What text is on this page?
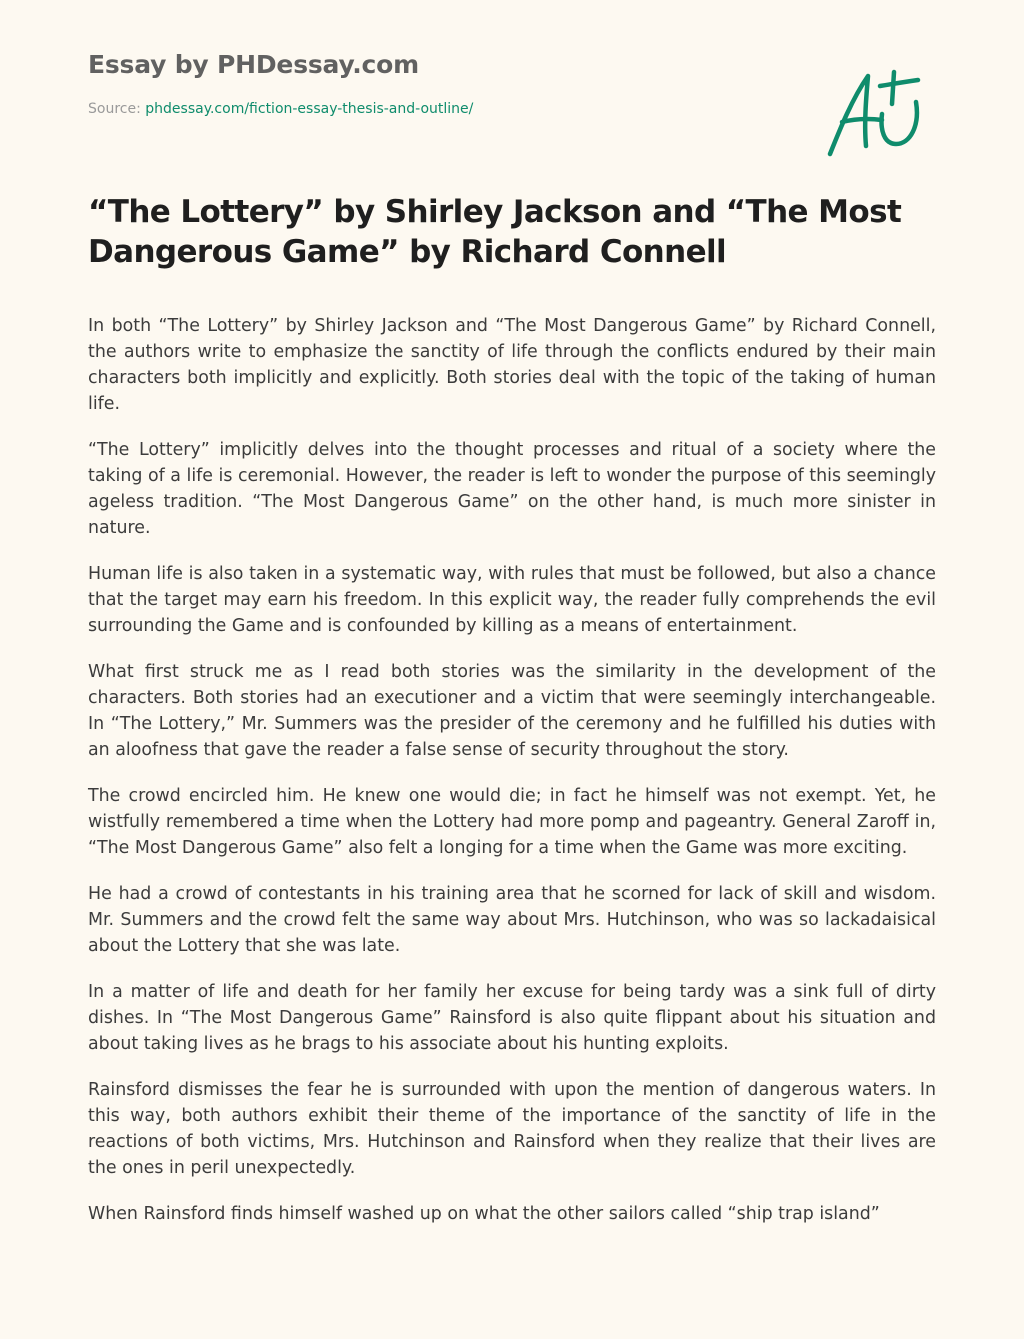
Essay by PHDessay.com

Source: phdessay.com/fiction-essay-thesis-and-outline/

“The Lottery” by Shirley Jackson and “The Most Dangerous Game” by Richard Connell

In both “The Lottery” by Shirley Jackson and “The Most Dangerous Game” by Richard Connell, the authors write to emphasize the sanctity of life through the conflicts endured by their main characters both implicitly and explicitly. Both stories deal with the topic of the taking of human life.

“The Lottery” implicitly delves into the thought processes and ritual of a society where the taking of a life is ceremonial. However, the reader is left to wonder the purpose of this seemingly ageless tradition. “The Most Dangerous Game” on the other hand, is much more sinister in nature.

Human life is also taken in a systematic way, with rules that must be followed, but also a chance that the target may earn his freedom. In this explicit way, the reader fully comprehends the evil surrounding the Game and is confounded by killing as a means of entertainment.

What first struck me as I read both stories was the similarity in the development of the characters. Both stories had an executioner and a victim that were seemingly interchangeable. In “The Lottery,” Mr. Summers was the presider of the ceremony and he fulfilled his duties with an aloofness that gave the reader a false sense of security throughout the story.

The crowd encircled him. He knew one would die; in fact he himself was not exempt. Yet, he wistfully remembered a time when the Lottery had more pomp and pageantry. General Zaroff in, “The Most Dangerous Game” also felt a longing for a time when the Game was more exciting.

He had a crowd of contestants in his training area that he scorned for lack of skill and wisdom. Mr. Summers and the crowd felt the same way about Mrs. Hutchinson, who was so lackadaisical about the Lottery that she was late.

In a matter of life and death for her family her excuse for being tardy was a sink full of dirty dishes. In “The Most Dangerous Game” Rainsford is also quite flippant about his situation and about taking lives as he brags to his associate about his hunting exploits.

Rainsford dismisses the fear he is surrounded with upon the mention of dangerous waters. In this way, both authors exhibit their theme of the importance of the sanctity of life in the reactions of both victims, Mrs. Hutchinson and Rainsford when they realize that their lives are the ones in peril unexpectedly.

When Rainsford finds himself washed up on what the other sailors called “ship trap island”
